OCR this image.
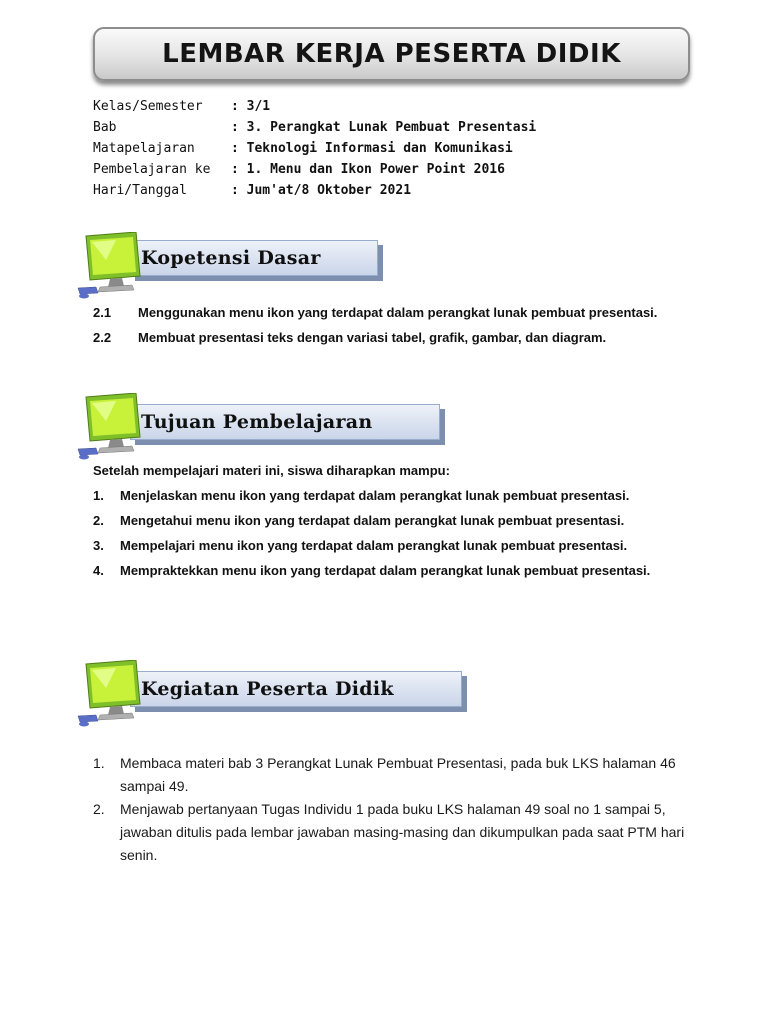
LEMBAR KERJA PESERTA DIDIK
Kelas/Semester	: 3/1
Bab	: 3. Perangkat Lunak Pembuat Presentasi
Matapelajaran	: Teknologi Informasi dan Komunikasi
Pembelajaran ke	: 1. Menu dan Ikon Power Point 2016
Hari/Tanggal	: Jum'at/8 Oktober 2021
Kopetensi Dasar
2.1	Menggunakan menu ikon yang terdapat dalam perangkat lunak pembuat presentasi.
2.2	Membuat presentasi teks dengan variasi tabel, grafik, gambar, dan diagram.
Tujuan Pembelajaran
Setelah mempelajari materi ini, siswa diharapkan mampu:
1.	Menjelaskan menu ikon yang terdapat dalam perangkat lunak pembuat presentasi.
2.	Mengetahui menu ikon yang terdapat dalam perangkat lunak pembuat presentasi.
3.	Mempelajari menu ikon yang terdapat dalam perangkat lunak pembuat presentasi.
4.	Mempraktekkan menu ikon yang terdapat dalam perangkat lunak pembuat presentasi.
Kegiatan Peserta Didik
1.	Membaca materi bab 3 Perangkat Lunak Pembuat Presentasi, pada buk LKS halaman 46 sampai 49.
2.	Menjawab pertanyaan Tugas Individu 1 pada buku LKS halaman 49 soal no 1 sampai 5,
jawaban ditulis pada lembar jawaban masing-masing dan dikumpulkan pada saat PTM hari senin.
